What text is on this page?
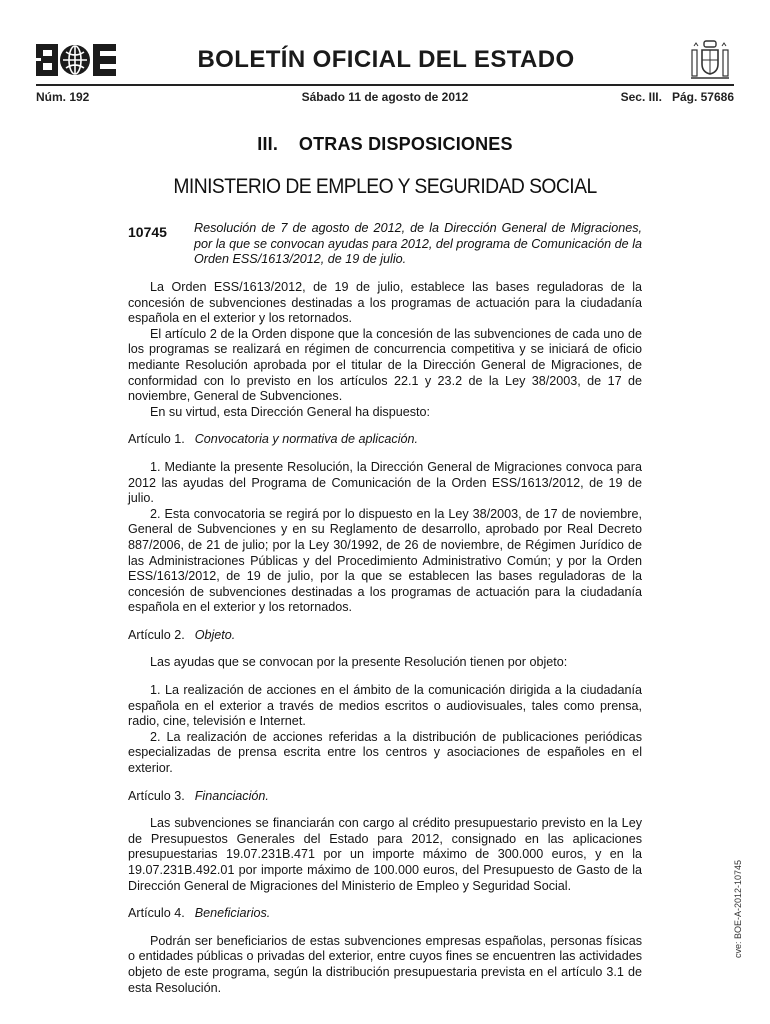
BOLETÍN OFICIAL DEL ESTADO
Núm. 192	Sábado 11 de agosto de 2012	Sec. III.   Pág. 57686
III.    OTRAS DISPOSICIONES
MINISTERIO DE EMPLEO Y SEGURIDAD SOCIAL
10745 Resolución de 7 de agosto de 2012, de la Dirección General de Migraciones, por la que se convocan ayudas para 2012, del programa de Comunicación de la Orden ESS/1613/2012, de 19 de julio.

La Orden ESS/1613/2012, de 19 de julio, establece las bases reguladoras de la concesión de subvenciones destinadas a los programas de actuación para la ciudadanía española en el exterior y los retornados.

El artículo 2 de la Orden dispone que la concesión de las subvenciones de cada uno de los programas se realizará en régimen de concurrencia competitiva y se iniciará de oficio mediante Resolución aprobada por el titular de la Dirección General de Migraciones, de conformidad con lo previsto en los artículos 22.1 y 23.2 de la Ley 38/2003, de 17 de noviembre, General de Subvenciones.

En su virtud, esta Dirección General ha dispuesto:

Artículo 1. Convocatoria y normativa de aplicación.

1. Mediante la presente Resolución, la Dirección General de Migraciones convoca para 2012 las ayudas del Programa de Comunicación de la Orden ESS/1613/2012, de 19 de julio.

2. Esta convocatoria se regirá por lo dispuesto en la Ley 38/2003, de 17 de noviembre, General de Subvenciones y en su Reglamento de desarrollo, aprobado por Real Decreto 887/2006, de 21 de julio; por la Ley 30/1992, de 26 de noviembre, de Régimen Jurídico de las Administraciones Públicas y del Procedimiento Administrativo Común; y por la Orden ESS/1613/2012, de 19 de julio, por la que se establecen las bases reguladoras de la concesión de subvenciones destinadas a los programas de actuación para la ciudadanía española en el exterior y los retornados.

Artículo 2. Objeto.

Las ayudas que se convocan por la presente Resolución tienen por objeto:

1. La realización de acciones en el ámbito de la comunicación dirigida a la ciudadanía española en el exterior a través de medios escritos o audiovisuales, tales como prensa, radio, cine, televisión e Internet.

2. La realización de acciones referidas a la distribución de publicaciones periódicas especializadas de prensa escrita entre los centros y asociaciones de españoles en el exterior.

Artículo 3. Financiación.

Las subvenciones se financiarán con cargo al crédito presupuestario previsto en la Ley de Presupuestos Generales del Estado para 2012, consignado en las aplicaciones presupuestarias 19.07.231B.471 por un importe máximo de 300.000 euros, y en la 19.07.231B.492.01 por importe máximo de 100.000 euros, del Presupuesto de Gasto de la Dirección General de Migraciones del Ministerio de Empleo y Seguridad Social.

Artículo 4. Beneficiarios.

Podrán ser beneficiarios de estas subvenciones empresas españolas, personas físicas o entidades públicas o privadas del exterior, entre cuyos fines se encuentren las actividades objeto de este programa, según la distribución presupuestaria prevista en el artículo 3.1 de esta Resolución.

cve: BOE-A-2012-10745
